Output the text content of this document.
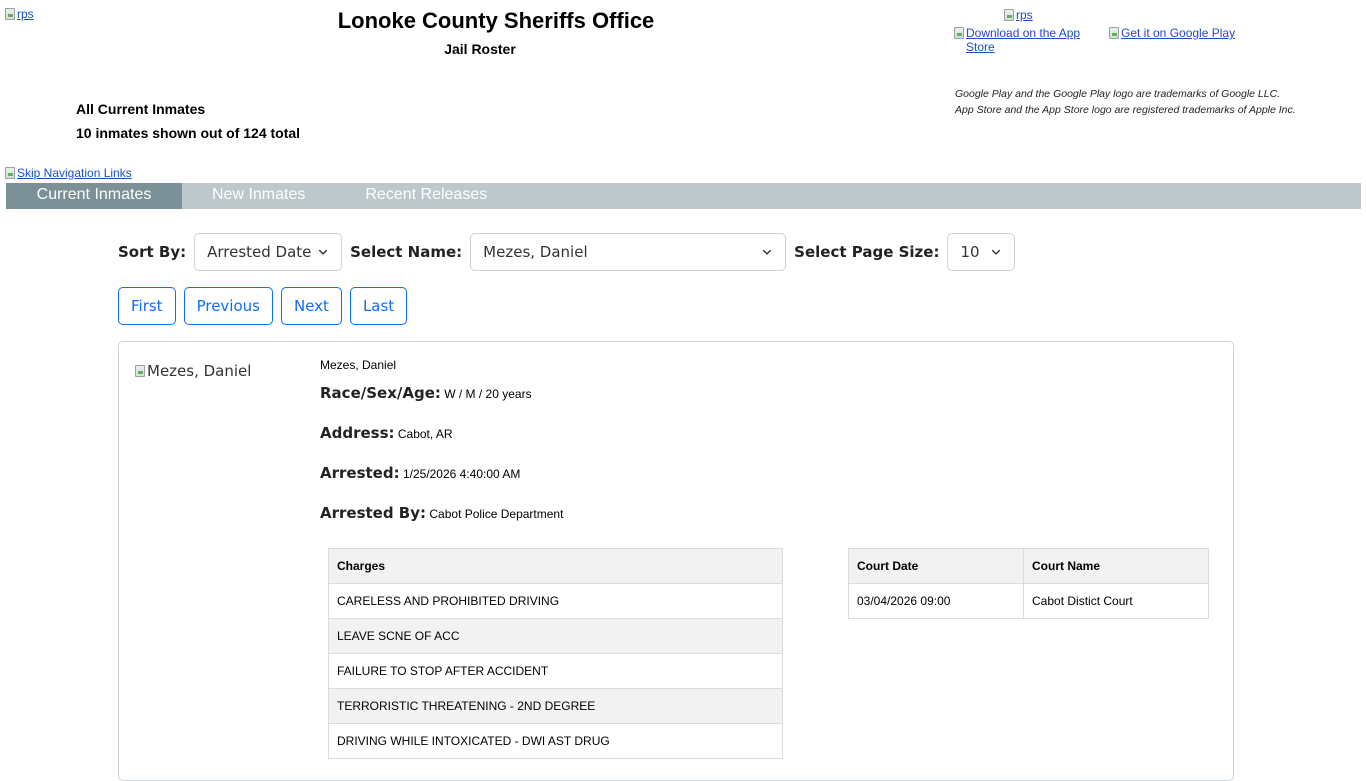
rps	Lonoke County Sheriffs Office
Jail Roster
rps
Download on the App Store
Get it on Google Play
Google Play and the Google Play logo are trademarks of Google LLC.
App Store and the App Store logo are registered trademarks of Apple Inc.
All Current Inmates
10 inmates shown out of 124 total
Skip Navigation Links
Current Inmates	New Inmates	Recent Releases
Sort By: Arrested Date	Select Name: Mezes, Daniel	Select Page Size: 10
First	Previous	Next	Last
Mezes, Daniel	Mezes, Daniel
Race/Sex/Age: W / M / 20 years
Address: Cabot, AR
Arrested: 1/25/2026 4:40:00 AM
Arrested By: Cabot Police Department
Charges
CARELESS AND PROHIBITED DRIVING
LEAVE SCNE OF ACC
FAILURE TO STOP AFTER ACCIDENT
TERRORISTIC THREATENING - 2ND DEGREE
DRIVING WHILE INTOXICATED - DWI AST DRUG
Court Date	Court Name
03/04/2026 09:00	Cabot Distict Court
